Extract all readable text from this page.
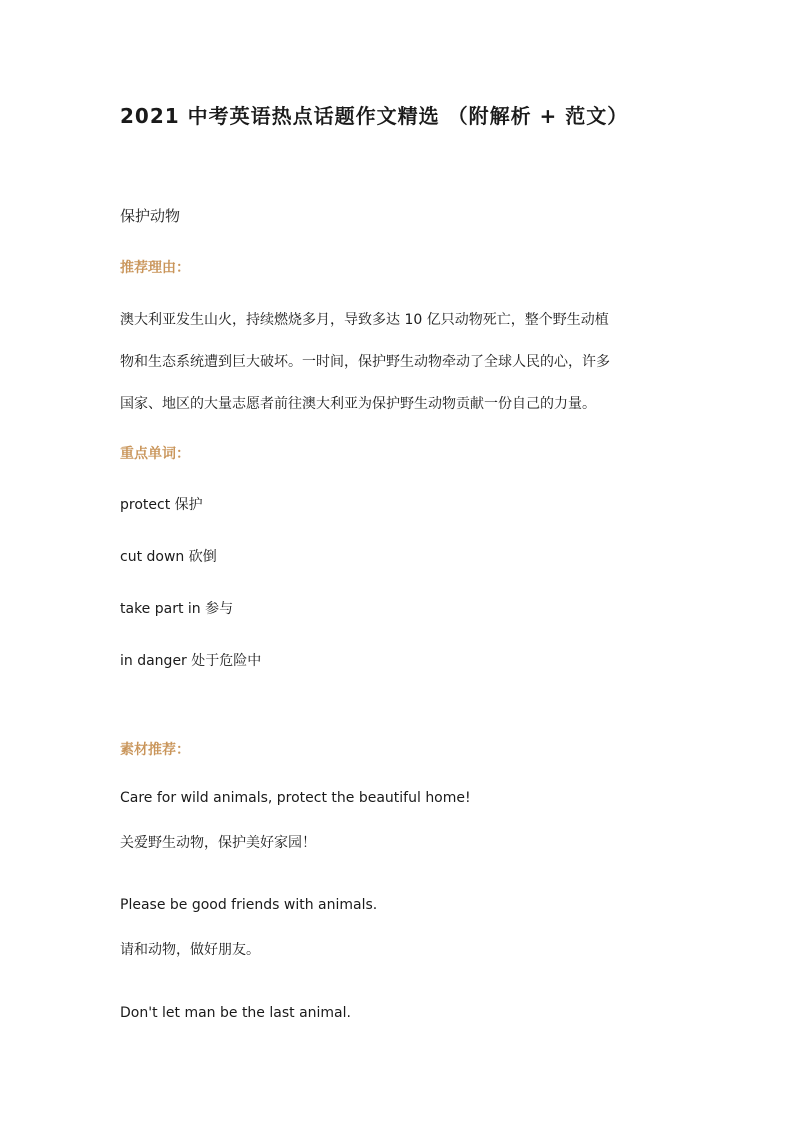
2021 中考英语热点话题作文精选 （附解析 + 范文）
保护动物
推荐理由：
澳大利亚发生山火，持续燃烧多月，导致多达 10 亿只动物死亡，整个野生动植
物和生态系统遭到巨大破坏。一时间，保护野生动物牵动了全球人民的心，许多
国家、地区的大量志愿者前往澳大利亚为保护野生动物贡献一份自己的力量。
重点单词：
protect 保护
cut down 砍倒
take part in 参与
in danger 处于危险中
素材推荐：
Care for wild animals, protect the beautiful home!
关爱野生动物，保护美好家园！
Please be good friends with animals.
请和动物，做好朋友。
Don't let man be the last animal.
